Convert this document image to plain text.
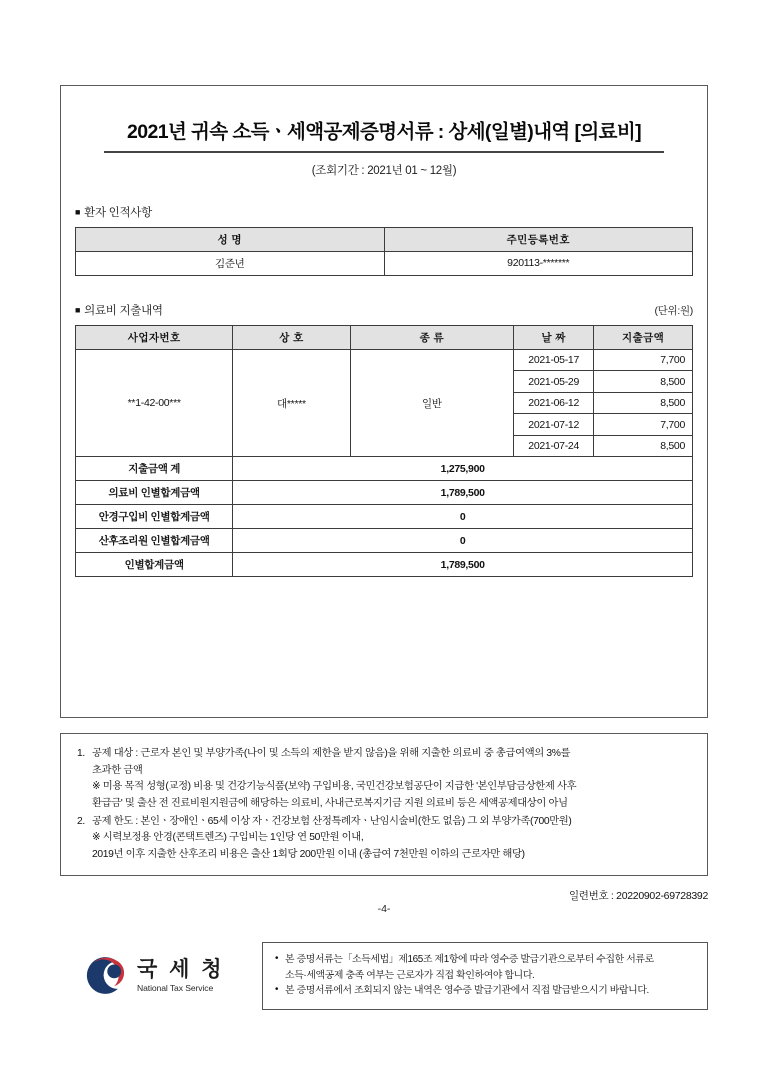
2021년 귀속 소득ㆍ세액공제증명서류 : 상세(일별)내역 [의료비]
(조회기간 : 2021년 01 ~ 12월)
■ 환자 인적사항
성 명	주민등록번호
김준년	920113-*******
■ 의료비 지출내역	(단위:원)
사업자번호	상 호	종 류	날 짜	지출금액
**1-42-00***	대*****	일반	2021-05-17	7,700
			2021-05-29	8,500
			2021-06-12	8,500
			2021-07-12	7,700
			2021-07-24	8,500
지출금액 계	1,275,900			
의료비 인별합계금액	1,789,500			
안경구입비 인별합계금액	0			
산후조리원 인별합계금액	0			
인별합계금액	1,789,500			
1. 공제 대상 : 근로자 본인 및 부양가족(나이 및 소득의 제한을 받지 않음)을 위해 지출한 의료비 중 총급여액의 3%를
초과한 금액
※ 미용 목적 성형(교정) 비용 및 건강기능식품(보약) 구입비용, 국민건강보험공단이 지급한 '본인부담금상한제 사후
환급금' 및 출산 전 진료비원지원금에 해당하는 의료비, 사내근로복지기금 지원 의료비 등은 세액공제대상이 아님
2. 공제 한도 : 본인ㆍ장애인ㆍ65세 이상 자ㆍ건강보험 산정특례자ㆍ난임시술비(한도 없음) 그 외 부양가족(700만원)
※ 시력보정용 안경(콘택트렌즈) 구입비는 1인당 연 50만원 이내,
2019년 이후 지출한 산후조리 비용은 출산 1회당 200만원 이내 (총급여 7천만원 이하의 근로자만 해당)
일련번호 : 20220902-69728392
-4-
국 세 청
National Tax Service
• 본 증명서류는「소득세법」제165조 제1항에 따라 영수증 발급기관으로부터 수집한 서류로
소득·세액공제 충족 여부는 근로자가 직접 확인하여야 합니다.
• 본 증명서류에서 조회되지 않는 내역은 영수증 발급기관에서 직접 발급받으시기 바랍니다.
